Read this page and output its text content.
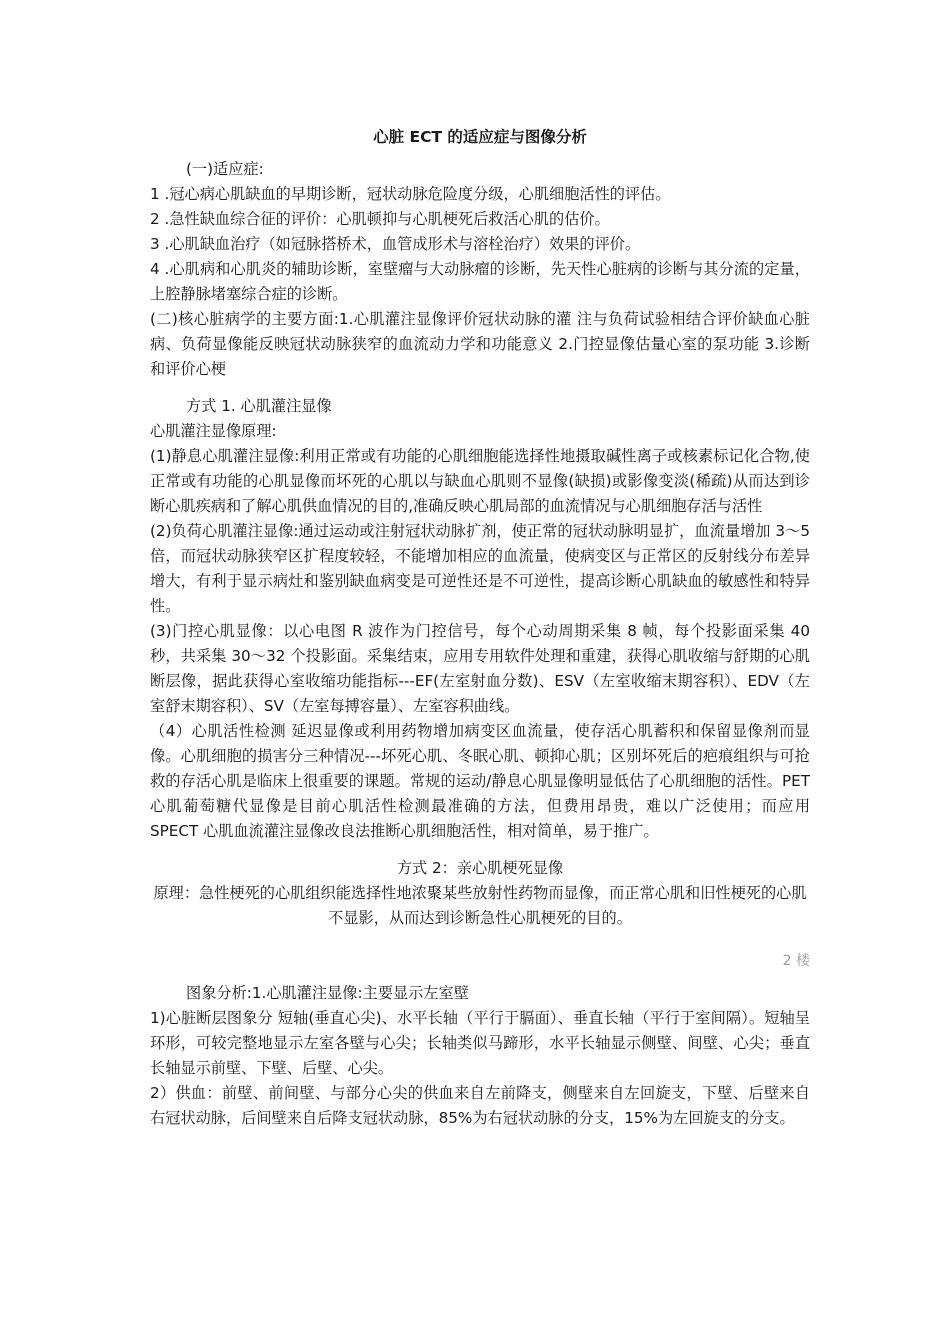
心脏 ECT 的适应症与图像分析

(一)适应症:

1 .冠心病心肌缺血的早期诊断，冠状动脉危险度分级，心肌细胞活性的评估。

2 .急性缺血综合征的评价：心肌顿抑与心肌梗死后救活心肌的估价。

3 .心肌缺血治疗（如冠脉搭桥术，血管成形术与溶栓治疗）效果的评价。

4 .心肌病和心肌炎的辅助诊断，室壁瘤与大动脉瘤的诊断，先天性心脏病的诊断与其分流的定量，上腔静脉堵塞综合症的诊断。

(二)核心脏病学的主要方面:1.心肌灌注显像评价冠状动脉的灌 注与负荷试验相结合评价缺血心脏病、负荷显像能反映冠状动脉狭窄的血流动力学和功能意义 2.门控显像估量心室的泵功能 3.诊断和评价心梗

方式 1. 心肌灌注显像

心肌灌注显像原理:

(1)静息心肌灌注显像:利用正常或有功能的心肌细胞能选择性地摄取碱性离子或核素标记化合物,使正常或有功能的心肌显像而坏死的心肌以与缺血心肌则不显像(缺损)或影像变淡(稀疏)从而达到诊断心肌疾病和了解心肌供血情况的目的,准确反映心肌局部的血流情况与心肌细胞存活与活性

(2)负荷心肌灌注显像:通过运动或注射冠状动脉扩剂，使正常的冠状动脉明显扩，血流量增加 3～5 倍，而冠状动脉狭窄区扩程度较轻，不能增加相应的血流量，使病变区与正常区的反射线分布差异增大，有利于显示病灶和鉴别缺血病变是可逆性还是不可逆性，提高诊断心肌缺血的敏感性和特异性。

(3)门控心肌显像：以心电图 R 波作为门控信号，每个心动周期采集 8 帧，每个投影面采集 40 秒，共采集 30～32 个投影面。采集结束，应用专用软件处理和重建，获得心肌收缩与舒期的心肌断层像，据此获得心室收缩功能指标---EF(左室射血分数)、ESV（左室收缩末期容积）、EDV（左室舒末期容积）、SV（左室每搏容量）、左室容积曲线。

（4）心肌活性检测 延迟显像或利用药物增加病变区血流量，使存活心肌蓄积和保留显像剂而显像。心肌细胞的损害分三种情况---坏死心肌、冬眠心肌、顿抑心肌；区别坏死后的疤痕组织与可抢救的存活心肌是临床上很重要的课题。常规的运动/静息心肌显像明显低估了心肌细胞的活性。PET 心肌葡萄糖代显像是目前心肌活性检测最准确的方法，但费用昂贵，难以广泛使用；而应用 SPECT 心肌血流灌注显像改良法推断心肌细胞活性，相对简单，易于推广。

方式 2：亲心肌梗死显像

原理：急性梗死的心肌组织能选择性地浓聚某些放射性药物而显像，而正常心肌和旧性梗死的心肌不显影，从而达到诊断急性心肌梗死的目的。

2 楼

图象分析:1.心肌灌注显像:主要显示左室壁

1)心脏断层图象分 短轴(垂直心尖)、水平长轴（平行于膈面）、垂直长轴（平行于室间隔）。短轴呈环形，可较完整地显示左室各壁与心尖；长轴类似马蹄形，水平长轴显示侧壁、间壁、心尖；垂直长轴显示前壁、下壁、后壁、心尖。

2）供血：前壁、前间壁、与部分心尖的供血来自左前降支，侧壁来自左回旋支，下壁、后壁来自右冠状动脉，后间壁来自后降支冠状动脉，85%为右冠状动脉的分支，15%为左回旋支的分支。
